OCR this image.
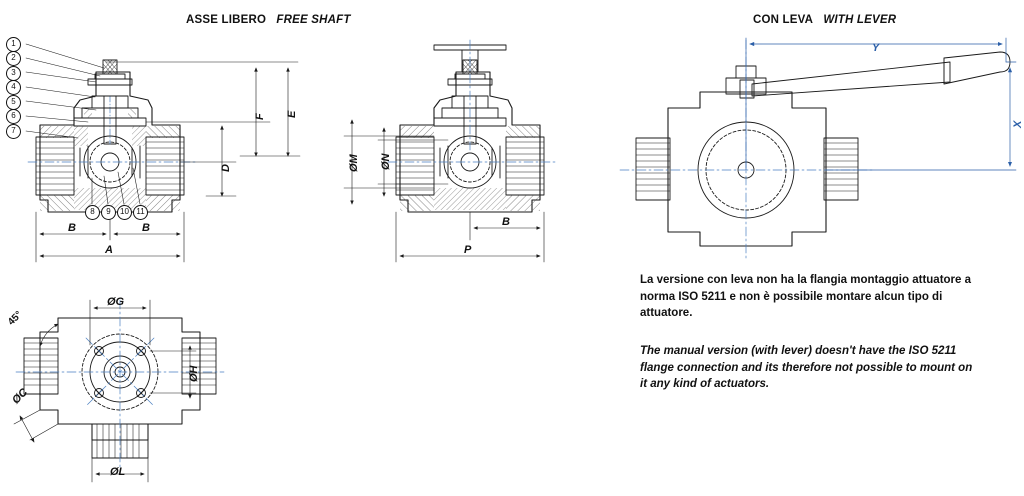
ASSE LIBERO FREE SHAFT	CON LEVA WITH LEVER
1
2
3
4
5
6
7
8	9	10 11
B	B
A
D
F E
ØM ØN
B
P
ØG
ØH
ØC
ØL
45°
Y
X
La versione con leva non ha la flangia montaggio attuatore a norma ISO 5211 e non è possibile montare alcun tipo di attuatore.
The manual version (with lever) doesn't have the ISO 5211 flange connection and its therefore not possible to mount on it any kind of actuators.
